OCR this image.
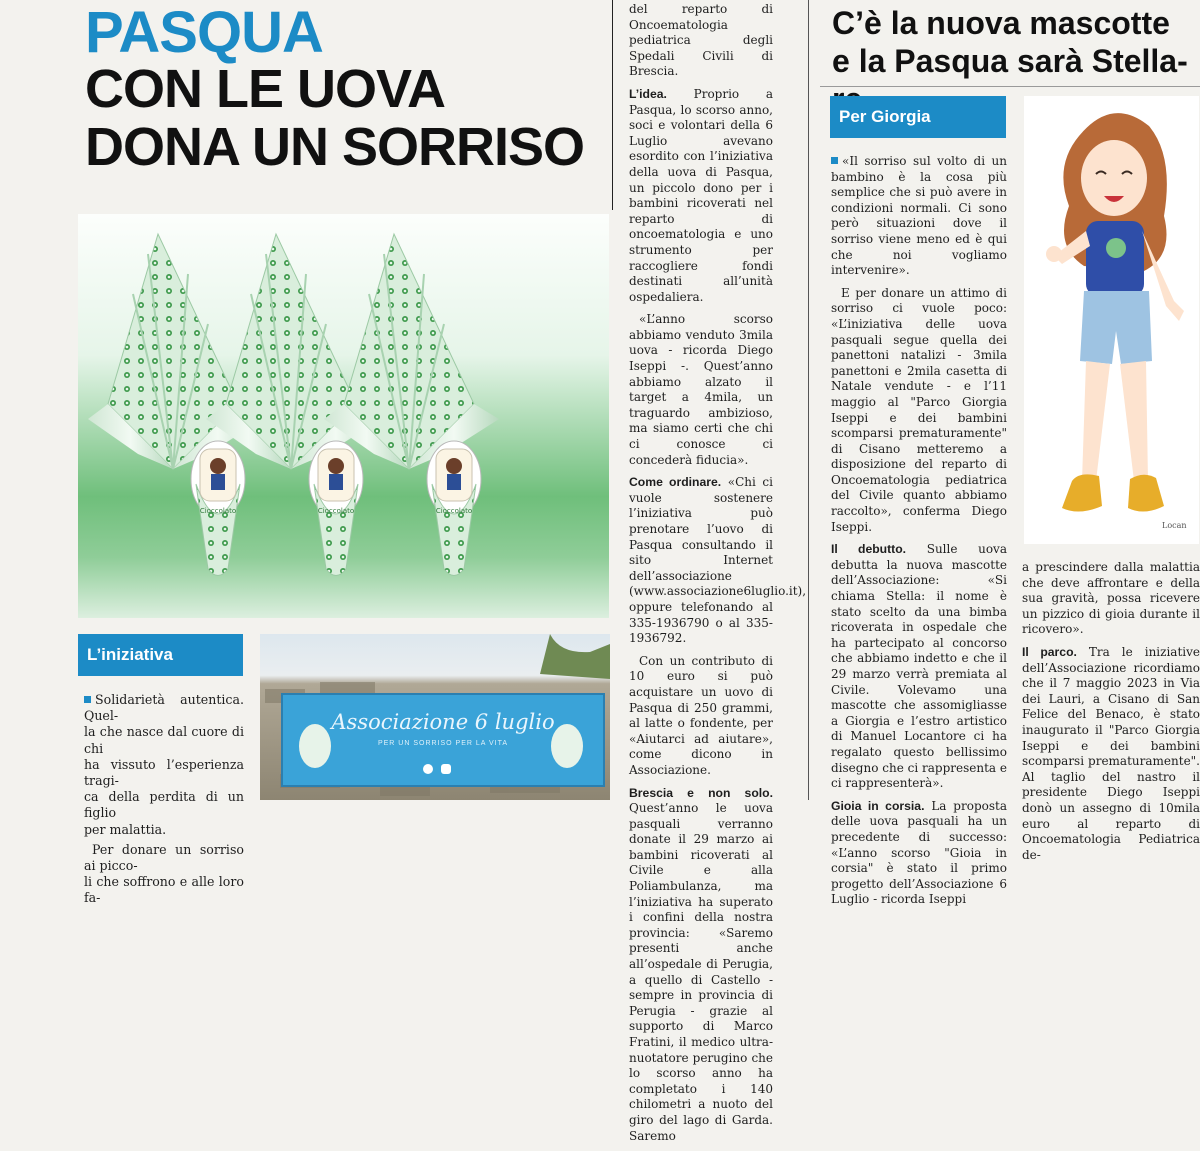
PASQUA
CON LE UOVA
DONA UN SORRISO
Cioccolato	Cioccolato	Cioccolato
L’iniziativa
Solidarietà autentica. Quel-
la che nasce dal cuore di chi
ha vissuto l’esperienza tragi-
ca della perdita di un figlio
per malattia.
Per donare un sorriso ai picco-
li che soffrono e alle loro fa-
Associazione 6 luglio
PER UN SORRISO PER LA VITA

del reparto di Oncoematologia pediatrica degli Spedali Civili di Brescia.

L’idea. Proprio a Pasqua, lo scorso anno, soci e volontari della 6 Luglio avevano esordito con l’iniziativa della uova di Pasqua, un piccolo dono per i bambini ricoverati nel reparto di oncoematologia e uno strumento per raccogliere fondi destinati all’unità ospedaliera.

«L’anno scorso abbiamo venduto 3mila uova - ricorda Diego Iseppi -. Quest’anno abbiamo alzato il target a 4mila, un traguardo ambizioso, ma siamo certi che chi ci conosce ci concederà fiducia».

Come ordinare. «Chi ci vuole sostenere l’iniziativa può prenotare l’uovo di Pasqua consultando il sito Internet dell’associazione (www.associazione6luglio.it), oppure telefonando al 335-1936790 o al 335-1936792.

Con un contributo di 10 euro si può acquistare un uovo di Pasqua di 250 grammi, al latte o fondente, per «Aiutarci ad aiutare», come dicono in Associazione.

Brescia e non solo. Quest’anno le uova pasquali verranno donate il 29 marzo ai bambini ricoverati al Civile e alla Poliambulanza, ma l’iniziativa ha superato i confini della nostra provincia: «Saremo presenti anche all’ospedale di Perugia, a quello di Castello - sempre in provincia di Perugia - grazie al supporto di Marco Fratini, il medico ultra-nuotatore perugino che lo scorso anno ha completato i 140 chilometri a nuoto del giro del lago di Garda. Saremo

C’è la nuova mascotte e la Pasqua sarà Stella-
Per Giorgia

«Il sorriso sul volto di un bambino è la cosa più semplice che si può avere in condizioni normali. Ci sono però situazioni dove il sorriso viene meno ed è qui che noi vogliamo intervenire».

E per donare un attimo di sorriso ci vuole poco: «L’iniziativa delle uova pasquali segue quella dei panettoni natalizi - 3mila panettoni e 2mila casetta di Natale vendute - e l’11 maggio al "Parco Giorgia Iseppi e dei bambini scomparsi prematuramente" di Cisano metteremo a disposizione del reparto di Oncoematologia pediatrica del Civile quanto abbiamo raccolto», conferma Diego Iseppi.

Il debutto. Sulle uova debutta la nuova mascotte dell’Associazione: «Si chiama Stella: il nome è stato scelto da una bimba ricoverata in ospedale che ha partecipato al concorso che abbiamo indetto e che il 29 marzo verrà premiata al Civile. Volevamo una mascotte che assomigliasse a Giorgia e l’estro artistico di Manuel Locantore ci ha regalato questo bellissimo disegno che ci rappresenta e ci rappresenterà».

Gioia in corsia. La proposta delle uova pasquali ha un precedente di successo: «L’anno scorso "Gioia in corsia" è stato il primo progetto dell’Associazione 6 Luglio - ricorda Iseppi

Locan

a prescindere dalla malattia che deve affrontare e della sua gravità, possa ricevere un pizzico di gioia durante il ricovero».

Il parco. Tra le iniziative dell’Associazione ricordiamo che il 7 maggio 2023 in Via dei Lauri, a Cisano di San Felice del Benaco, è stato inaugurato il "Parco Giorgia Iseppi e dei bambini scomparsi prematuramente". Al taglio del nastro il presidente Diego Iseppi donò un assegno di 10mila euro al reparto di Oncoematologia Pediatrica de-
